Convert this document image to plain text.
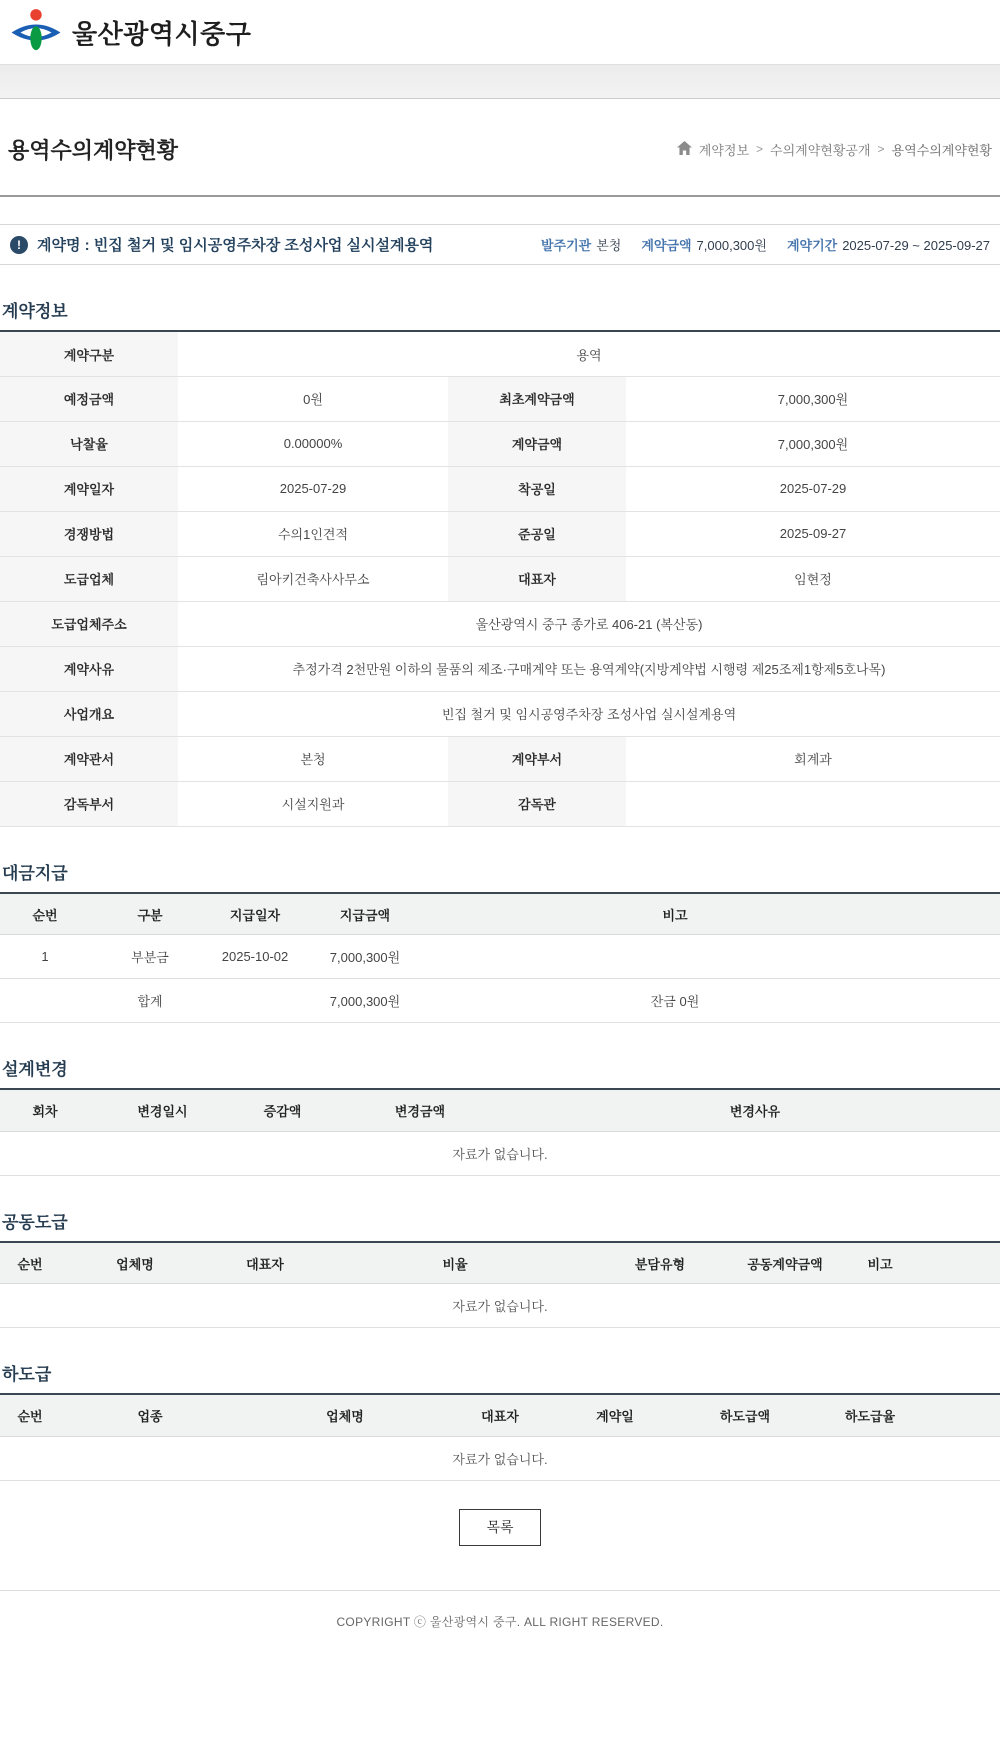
울산광역시중구
용역수의계약현황	계약정보 > 수의계약현황공개 > 용역수의계약현황
!	계약명 : 빈집 철거 및 임시공영주차장 조성사업 실시설계용역	발주기관 본청 계약금액 7,000,300원 계약기간 2025-07-29 ~ 2025-09-27
계약정보
계약구분	용역		
예정금액	0원	최초계약금액	7,000,300원
낙찰율	0.00000%	계약금액	7,000,300원
계약일자	2025-07-29	착공일	2025-07-29
경쟁방법	수의1인견적	준공일	2025-09-27
도급업체	림아키건축사사무소	대표자	임현정
도급업체주소	울산광역시 중구 종가로 406-21 (복산동)		
계약사유	추정가격 2천만원 이하의 물품의 제조·구매계약 또는 용역계약(지방계약법 시행령 제25조제1항제5호나목)		
사업개요	빈집 철거 및 임시공영주차장 조성사업 실시설계용역		
계약관서	본청	계약부서	회계과
감독부서	시설지원과	감독관	
대금지급
순번	구분	지급일자	지급금액	비고	
1	부분금	2025-10-02	7,000,300원		
	합계		7,000,300원	잔금 0원	
설계변경
회차	변경일시	증감액	변경금액	변경사유
자료가 없습니다.
공동도급
순번	업체명	대표자	비율	분담유형	공동계약금액	비고	
자료가 없습니다.
하도급
순번	업종	업체명	대표자	계약일	하도급액	하도급율	
자료가 없습니다.
목록
COPYRIGHT ⓒ 울산광역시 중구. ALL RIGHT RESERVED.
